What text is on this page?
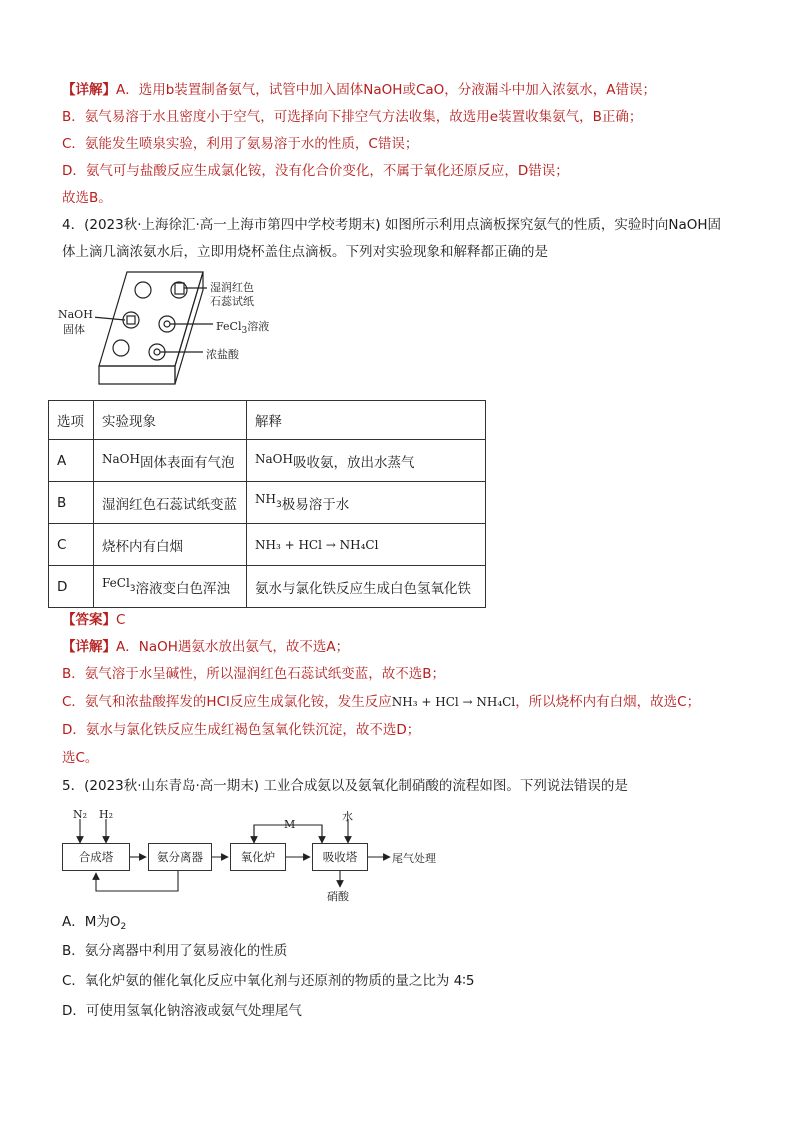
【详解】A．选用b装置制备氨气，试管中加入固体NaOH或CaO，分液漏斗中加入浓氨水，A错误；
B．氨气易溶于水且密度小于空气，可选择向下排空气方法收集，故选用e装置收集氨气，B正确；
C．氨能发生喷泉实验，利用了氨易溶于水的性质，C错误；
D．氨气可与盐酸反应生成氯化铵，没有化合价变化，不属于氧化还原反应，D错误；
故选B。
4．(2023秋·上海徐汇·高一上海市第四中学校考期末) 如图所示利用点滴板探究氨气的性质，实验时向NaOH固
体上滴几滴浓氨水后，立即用烧杯盖住点滴板。下列对实验现象和解释都正确的是
NaOH
固体
湿润红色
石蕊试纸
FeCl$_3$溶液
浓盐酸
选项	实验现象	解释
A	NaOH固体表面有气泡	NaOH吸收氨，放出水蒸气
B	湿润红色石蕊试纸变蓝	$NH^3$极易溶于水
C	烧杯内有白烟	NH₃ + HCl → NH₄Cl
D	FeCl$^3$溶液变白色浑浊	氨水与氯化铁反应生成白色氢氧化铁
【答案】C
【详解】A．NaOH遇氨水放出氨气，故不选A；
B．氨气溶于水呈碱性，所以湿润红色石蕊试纸变蓝，故不选B；
C．氨气和浓盐酸挥发的HCl反应生成氯化铵，发生反应NH₃ + HCl → NH₄Cl，所以烧杯内有白烟，故选C；
D．氨水与氯化铁反应生成红褐色氢氧化铁沉淀，故不选D；
选C。
5．(2023秋·山东青岛·高一期末) 工业合成氨以及氨氧化制硝酸的流程如图。下列说法错误的是
N₂ H₂
合成塔	氨分离器	氧化炉	吸收塔
M
水
尾气处理
硝酸
A．M为$O_2$
B．氨分离器中利用了氨易液化的性质
C．氧化炉氨的催化氧化反应中氧化剂与还原剂的物质的量之比为 4∶5
D．可使用氢氧化钠溶液或氨气处理尾气
